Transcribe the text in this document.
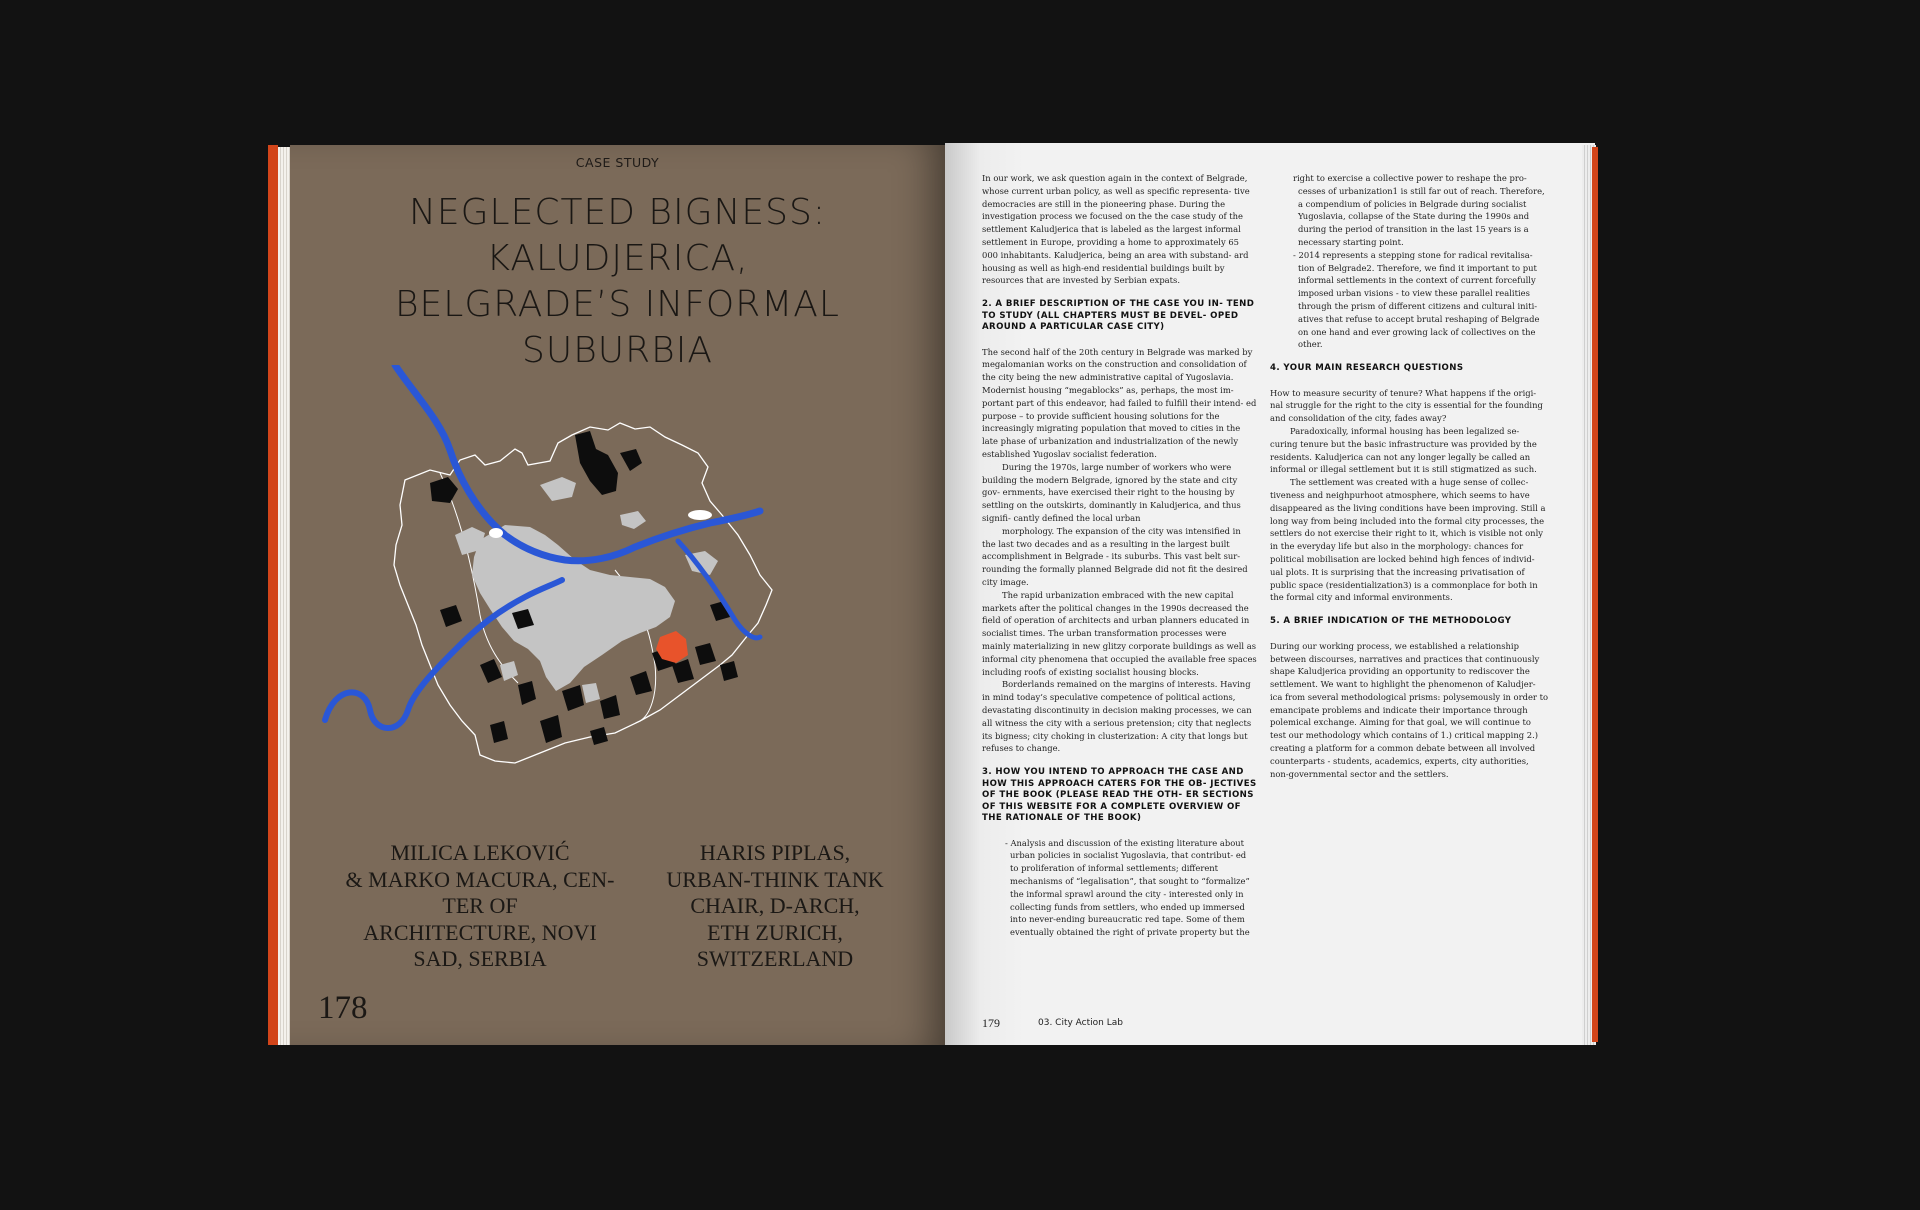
CASE STUDY
NEGLECTED BIGNESS:
KALUDJERICA,
BELGRADE’S INFORMAL
SUBURBIA
MILICA LEKOVIĆ
& MARKO MACURA, CEN-
TER OF
ARCHITECTURE, NOVI
SAD, SERBIA
HARIS PIPLAS,
URBAN-THINK TANK
CHAIR, D-ARCH,
ETH ZURICH,
SWITZERLAND
178

In our work, we ask question again in the context of Belgrade, whose current urban policy, as well as specific representa- tive democracies are still in the pioneering phase. During the investigation process we focused on the the case study of the settlement Kaludjerica that is labeled as the largest informal settlement in Europe, providing a home to approximately 65 000 inhabitants. Kaludjerica, being an area with substand- ard housing as well as high-end residential buildings built by resources that are invested by Serbian expats.

2. A BRIEF DESCRIPTION OF THE CASE YOU IN- TEND TO STUDY (ALL CHAPTERS MUST BE DEVEL- OPED AROUND A PARTICULAR CASE CITY)

The second half of the 20th century in Belgrade was marked by megalomanian works on the construction and consolidation of the city being the new administrative capital of Yugoslavia. Modernist housing “megablocks” as, perhaps, the most im- portant part of this endeavor, had failed to fulfill their intend- ed purpose – to provide sufficient housing solutions for the increasingly migrating population that moved to cities in the late phase of urbanization and industrialization of the newly established Yugoslav socialist federation.

During the 1970s, large number of workers who were building the modern Belgrade, ignored by the state and city gov- ernments, have exercised their right to the housing by settling on the outskirts, dominantly in Kaludjerica, and thus signifi- cantly defined the local urban

morphology. The expansion of the city was intensified in the last two decades and as a resulting in the largest built accomplishment in Belgrade - its suburbs. This vast belt sur- rounding the formally planned Belgrade did not fit the desired city image.

The rapid urbanization embraced with the new capital markets after the political changes in the 1990s decreased the field of operation of architects and urban planners educated in socialist times. The urban transformation processes were mainly materializing in new glitzy corporate buildings as well as informal city phenomena that occupied the available free spaces including roofs of existing socialist housing blocks.

Borderlands remained on the margins of interests. Having in mind today’s speculative competence of political actions, devastating discontinuity in decision making processes, we can all witness the city with a serious pretension; city that neglects its bigness; city choking in clusterization: A city that longs but refuses to change.

3. HOW YOU INTEND TO APPROACH THE CASE AND HOW THIS APPROACH CATERS FOR THE OB- JECTIVES OF THE BOOK (PLEASE READ THE OTH- ER SECTIONS OF THIS WEBSITE FOR A COMPLETE OVERVIEW OF THE RATIONALE OF THE BOOK)

- Analysis and discussion of the existing literature about urban policies in socialist Yugoslavia, that contribut- ed to proliferation of informal settlements; different mechanisms of “legalisation”, that sought to “formalize” the informal sprawl around the city - interested only in collecting funds from settlers, who ended up immersed into never-ending bureaucratic red tape. Some of them eventually obtained the right of private property but the

right to exercise a collective power to reshape the pro- cesses of urbanization1 is still far out of reach. Therefore, a compendium of policies in Belgrade during socialist Yugoslavia, collapse of the State during the 1990s and during the period of transition in the last 15 years is a necessary starting point.

- 2014 represents a stepping stone for radical revitalisa- tion of Belgrade2. Therefore, we find it important to put informal settlements in the context of current forcefully imposed urban visions - to view these parallel realities through the prism of different citizens and cultural initi- atives that refuse to accept brutal reshaping of Belgrade on one hand and ever growing lack of collectives on the other.

4. YOUR MAIN RESEARCH QUESTIONS

How to measure security of tenure? What happens if the origi- nal struggle for the right to the city is essential for the founding and consolidation of the city, fades away?

Paradoxically, informal housing has been legalized se- curing tenure but the basic infrastructure was provided by the residents. Kaludjerica can not any longer legally be called an informal or illegal settlement but it is still stigmatized as such.

The settlement was created with a huge sense of collec- tiveness and neighpurhoot atmosphere, which seems to have disappeared as the living conditions have been improving. Still a long way from being included into the formal city processes, the settlers do not exercise their right to it, which is visible not only in the everyday life but also in the morphology: chances for political mobilisation are locked behind high fences of individ- ual plots. It is surprising that the increasing privatisation of public space (residentialization3) is a commonplace for both in the formal city and informal environments.

5. A BRIEF INDICATION OF THE METHODOLOGY

During our working process, we established a relationship between discourses, narratives and practices that continuously shape Kaludjerica providing an opportunity to rediscover the settlement. We want to highlight the phenomenon of Kaludjer- ica from several methodological prisms: polysemously in order to emancipate problems and indicate their importance through polemical exchange. Aiming for that goal, we will continue to test our methodology which contains of 1.) critical mapping 2.) creating a platform for a common debate between all involved counterparts - students, academics, experts, city authorities, non-governmental sector and the settlers.

179	03. City Action Lab
